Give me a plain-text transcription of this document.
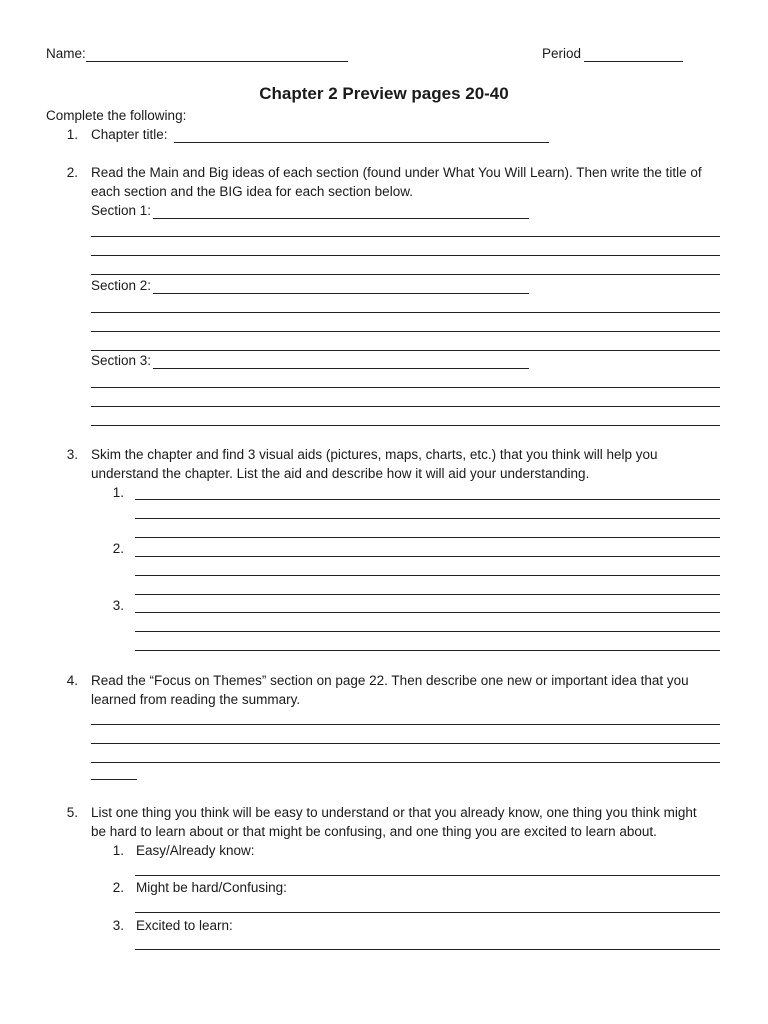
Name:	Period
Chapter 2 Preview pages 20-40
Complete the following:
1. Chapter title:
2. Read the Main and Big ideas of each section (found under What You Will Learn). Then write the title of
each section and the BIG idea for each section below.
Section 1:
Section 2:
Section 3:
3. Skim the chapter and find 3 visual aids (pictures, maps, charts, etc.) that you think will help you
understand the chapter. List the aid and describe how it will aid your understanding.
1.
2.
3.
4. Read the “Focus on Themes” section on page 22. Then describe one new or important idea that you
learned from reading the summary.
5. List one thing you think will be easy to understand or that you already know, one thing you think might
be hard to learn about or that might be confusing, and one thing you are excited to learn about.
1. Easy/Already know:
2. Might be hard/Confusing:
3. Excited to learn:
